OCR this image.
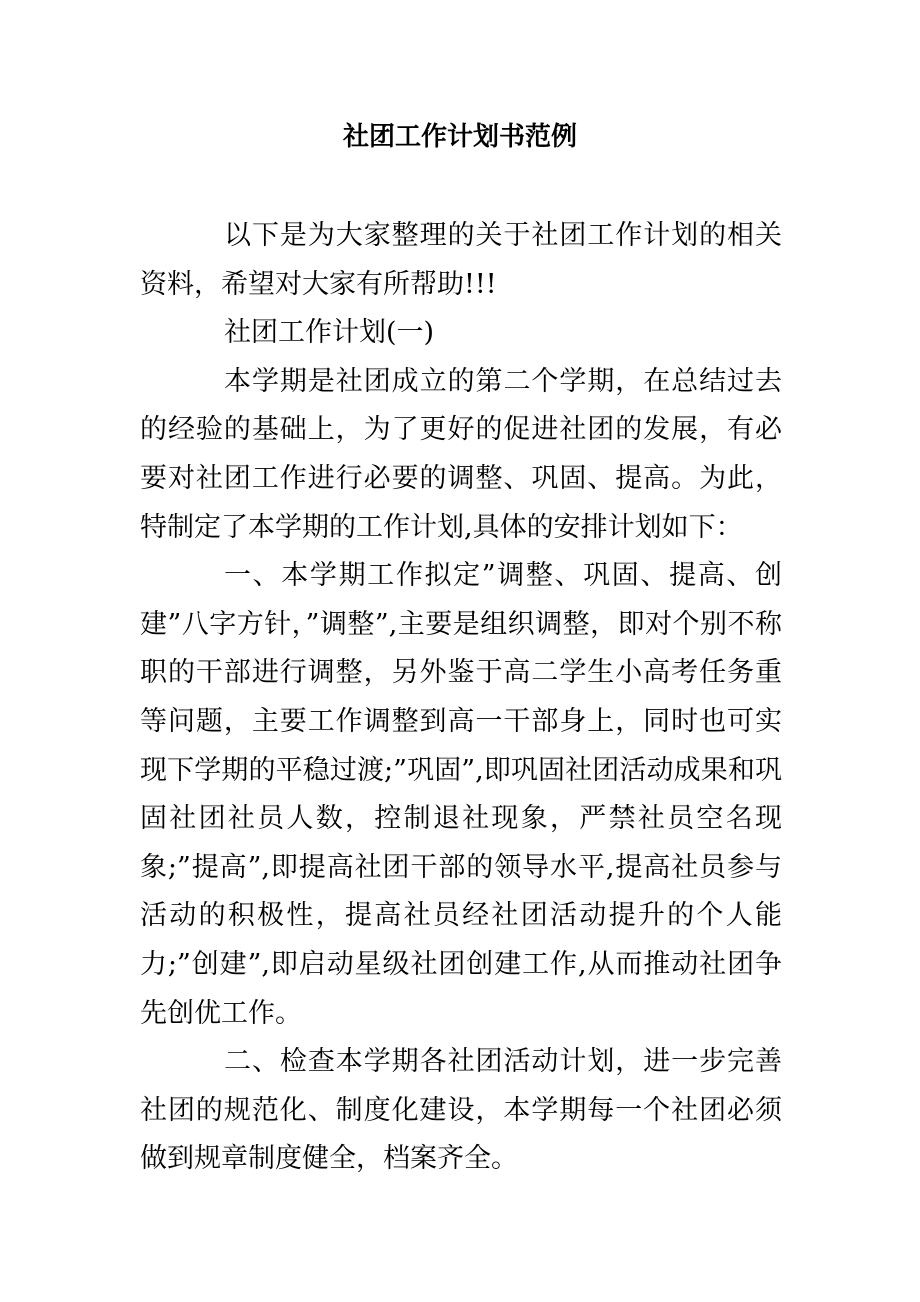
社团工作计划书范例

以下是为大家整理的关于社团工作计划的相关资料，希望对大家有所帮助!!!

社团工作计划(一)

本学期是社团成立的第二个学期，在总结过去的经验的基础上，为了更好的促进社团的发展，有必要对社团工作进行必要的调整、巩固、提高。为此，特制定了本学期的工作计划,具体的安排计划如下：

一、本学期工作拟定”调整、巩固、提高、创建”八字方针，”调整”,主要是组织调整，即对个别不称职的干部进行调整，另外鉴于高二学生小高考任务重等问题，主要工作调整到高一干部身上，同时也可实现下学期的平稳过渡;”巩固”,即巩固社团活动成果和巩固社团社员人数，控制退社现象，严禁社员空名现象;”提高”,即提高社团干部的领导水平,提高社员参与活动的积极性，提高社员经社团活动提升的个人能力;”创建”,即启动星级社团创建工作,从而推动社团争先创优工作。

二、检查本学期各社团活动计划，进一步完善社团的规范化、制度化建设，本学期每一个社团必须做到规章制度健全，档案齐全。
